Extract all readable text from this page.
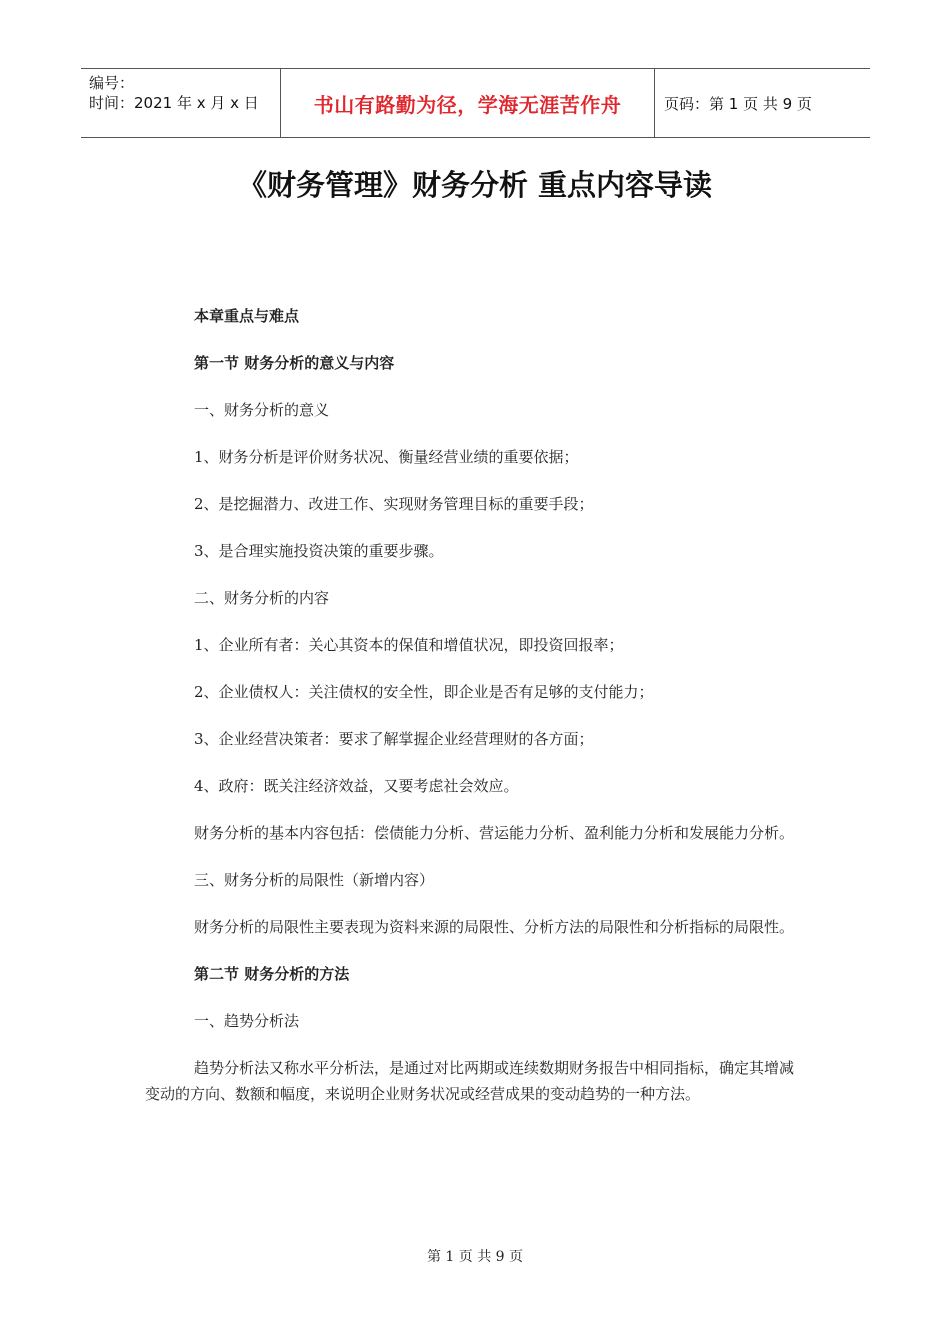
编号：
时间：2021 年 x 月 x 日	书山有路勤为径，学海无涯苦作舟	页码：第 1 页 共 9 页
《财务管理》财务分析 重点内容导读

本章重点与难点

第一节 财务分析的意义与内容

一、财务分析的意义

1、财务分析是评价财务状况、衡量经营业绩的重要依据；

2、是挖掘潜力、改进工作、实现财务管理目标的重要手段；

3、是合理实施投资决策的重要步骤。

二、财务分析的内容

1、企业所有者：关心其资本的保值和增值状况，即投资回报率；

2、企业债权人：关注债权的安全性，即企业是否有足够的支付能力；

3、企业经营决策者：要求了解掌握企业经营理财的各方面；

4、政府：既关注经济效益，又要考虑社会效应。

财务分析的基本内容包括：偿债能力分析、营运能力分析、盈利能力分析和发展能力分析。

三、财务分析的局限性（新增内容）

财务分析的局限性主要表现为资料来源的局限性、分析方法的局限性和分析指标的局限性。

第二节 财务分析的方法

一、趋势分析法

趋势分析法又称水平分析法，是通过对比两期或连续数期财务报告中相同指标，确定其增减变动的方向、数额和幅度，来说明企业财务状况或经营成果的变动趋势的一种方法。

第 1 页 共 9 页
